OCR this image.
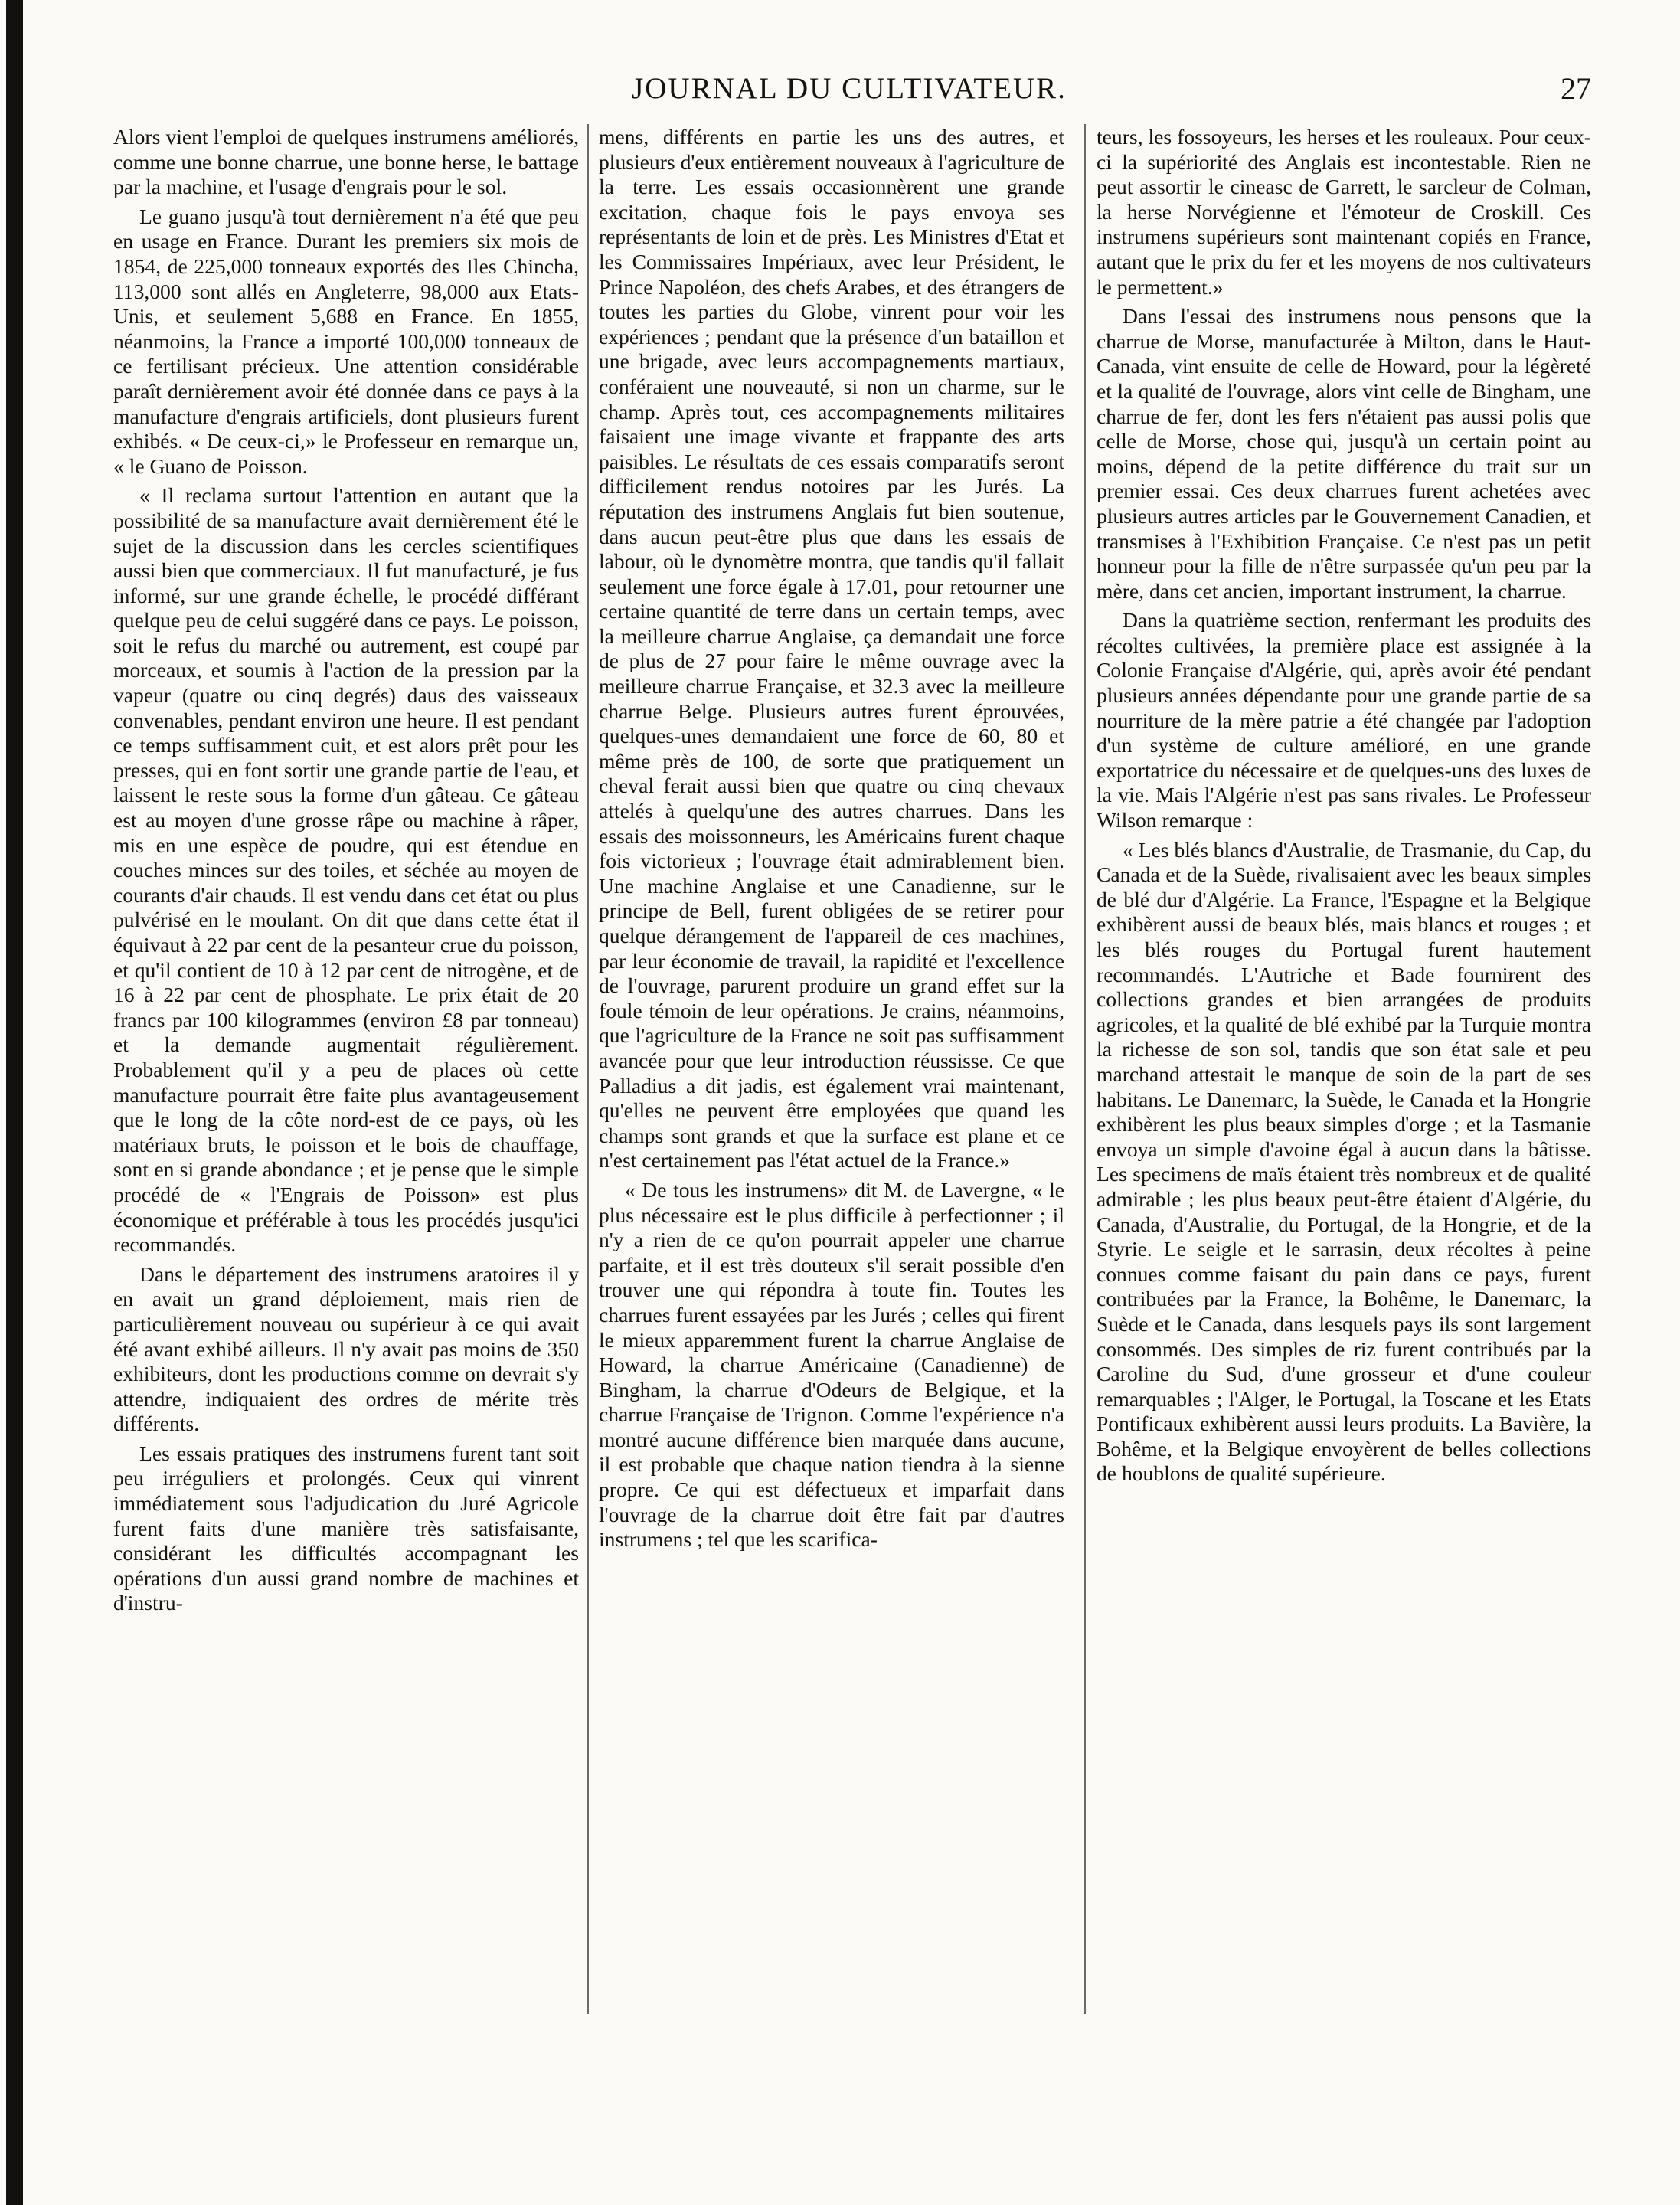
JOURNAL DU CULTIVATEUR.	27

Alors vient l'emploi de quelques instrumens améliorés, comme une bonne charrue, une bonne herse, le battage par la machine, et l'usage d'engrais pour le sol.

Le guano jusqu'à tout dernièrement n'a été que peu en usage en France. Durant les premiers six mois de 1854, de 225,000 tonneaux exportés des Iles Chincha, 113,000 sont allés en Angleterre, 98,000 aux Etats-Unis, et seulement 5,688 en France. En 1855, néanmoins, la France a importé 100,000 tonneaux de ce fertilisant précieux. Une attention considérable paraît dernièrement avoir été donnée dans ce pays à la manufacture d'engrais artificiels, dont plusieurs furent exhibés. « De ceux-ci,» le Professeur en remarque un, « le Guano de Poisson.

« Il reclama surtout l'attention en autant que la possibilité de sa manufacture avait dernièrement été le sujet de la discussion dans les cercles scientifiques aussi bien que commerciaux. Il fut manufacturé, je fus informé, sur une grande échelle, le procédé différant quelque peu de celui suggéré dans ce pays. Le poisson, soit le refus du marché ou autrement, est coupé par morceaux, et soumis à l'action de la pression par la vapeur (quatre ou cinq degrés) daus des vaisseaux convenables, pendant environ une heure. Il est pendant ce temps suffisamment cuit, et est alors prêt pour les presses, qui en font sortir une grande partie de l'eau, et laissent le reste sous la forme d'un gâteau. Ce gâteau est au moyen d'une grosse râpe ou machine à râper, mis en une espèce de poudre, qui est étendue en couches minces sur des toiles, et séchée au moyen de courants d'air chauds. Il est vendu dans cet état ou plus pulvérisé en le moulant. On dit que dans cette état il équivaut à 22 par cent de la pesanteur crue du poisson, et qu'il contient de 10 à 12 par cent de nitrogène, et de 16 à 22 par cent de phosphate. Le prix était de 20 francs par 100 kilogrammes (environ £8 par tonneau) et la demande augmentait régulièrement. Probablement qu'il y a peu de places où cette manufacture pourrait être faite plus avantageusement que le long de la côte nord-est de ce pays, où les matériaux bruts, le poisson et le bois de chauffage, sont en si grande abondance ; et je pense que le simple procédé de « l'Engrais de Poisson» est plus économique et préférable à tous les procédés jusqu'ici recommandés.

Dans le département des instrumens aratoires il y en avait un grand déploiement, mais rien de particulièrement nouveau ou supérieur à ce qui avait été avant exhibé ailleurs. Il n'y avait pas moins de 350 exhibiteurs, dont les productions comme on devrait s'y attendre, indiquaient des ordres de mérite très différents.

Les essais pratiques des instrumens furent tant soit peu irréguliers et prolongés. Ceux qui vinrent immédiatement sous l'adjudication du Juré Agricole furent faits d'une manière très satisfaisante, considérant les difficultés accompagnant les opérations d'un aussi grand nombre de machines et d'instru-

mens, différents en partie les uns des autres, et plusieurs d'eux entièrement nouveaux à l'agriculture de la terre. Les essais occasionnèrent une grande excitation, chaque fois le pays envoya ses représentants de loin et de près. Les Ministres d'Etat et les Commissaires Impériaux, avec leur Président, le Prince Napoléon, des chefs Arabes, et des étrangers de toutes les parties du Globe, vinrent pour voir les expériences ; pendant que la présence d'un bataillon et une brigade, avec leurs accompagnements martiaux, conféraient une nouveauté, si non un charme, sur le champ. Après tout, ces accompagnements militaires faisaient une image vivante et frappante des arts paisibles. Le résultats de ces essais comparatifs seront difficilement rendus notoires par les Jurés. La réputation des instrumens Anglais fut bien soutenue, dans aucun peut-être plus que dans les essais de labour, où le dynomètre montra, que tandis qu'il fallait seulement une force égale à 17.01, pour retourner une certaine quantité de terre dans un certain temps, avec la meilleure charrue Anglaise, ça demandait une force de plus de 27 pour faire le même ouvrage avec la meilleure charrue Française, et 32.3 avec la meilleure charrue Belge. Plusieurs autres furent éprouvées, quelques-unes demandaient une force de 60, 80 et même près de 100, de sorte que pratiquement un cheval ferait aussi bien que quatre ou cinq chevaux attelés à quelqu'une des autres charrues. Dans les essais des moissonneurs, les Américains furent chaque fois victorieux ; l'ouvrage était admirablement bien. Une machine Anglaise et une Canadienne, sur le principe de Bell, furent obligées de se retirer pour quelque dérangement de l'appareil de ces machines, par leur économie de travail, la rapidité et l'excellence de l'ouvrage, parurent produire un grand effet sur la foule témoin de leur opérations. Je crains, néanmoins, que l'agriculture de la France ne soit pas suffisamment avancée pour que leur introduction réussisse. Ce que Palladius a dit jadis, est également vrai maintenant, qu'elles ne peuvent être employées que quand les champs sont grands et que la surface est plane et ce n'est certainement pas l'état actuel de la France.»

« De tous les instrumens» dit M. de Lavergne, « le plus nécessaire est le plus difficile à perfectionner ; il n'y a rien de ce qu'on pourrait appeler une charrue parfaite, et il est très douteux s'il serait possible d'en trouver une qui répondra à toute fin. Toutes les charrues furent essayées par les Jurés ; celles qui firent le mieux apparemment furent la charrue Anglaise de Howard, la charrue Américaine (Canadienne) de Bingham, la charrue d'Odeurs de Belgique, et la charrue Française de Trignon. Comme l'expérience n'a montré aucune différence bien marquée dans aucune, il est probable que chaque nation tiendra à la sienne propre. Ce qui est défectueux et imparfait dans l'ouvrage de la charrue doit être fait par d'autres instrumens ; tel que les scarifica-

teurs, les fossoyeurs, les herses et les rouleaux. Pour ceux-ci la supériorité des Anglais est incontestable. Rien ne peut assortir le cineasc de Garrett, le sarcleur de Colman, la herse Norvégienne et l'émoteur de Croskill. Ces instrumens supérieurs sont maintenant copiés en France, autant que le prix du fer et les moyens de nos cultivateurs le permettent.»

Dans l'essai des instrumens nous pensons que la charrue de Morse, manufacturée à Milton, dans le Haut-Canada, vint ensuite de celle de Howard, pour la légèreté et la qualité de l'ouvrage, alors vint celle de Bingham, une charrue de fer, dont les fers n'étaient pas aussi polis que celle de Morse, chose qui, jusqu'à un certain point au moins, dépend de la petite différence du trait sur un premier essai. Ces deux charrues furent achetées avec plusieurs autres articles par le Gouvernement Canadien, et transmises à l'Exhibition Française. Ce n'est pas un petit honneur pour la fille de n'être surpassée qu'un peu par la mère, dans cet ancien, important instrument, la charrue.

Dans la quatrième section, renfermant les produits des récoltes cultivées, la première place est assignée à la Colonie Française d'Algérie, qui, après avoir été pendant plusieurs années dépendante pour une grande partie de sa nourriture de la mère patrie a été changée par l'adoption d'un système de culture amélioré, en une grande exportatrice du nécessaire et de quelques-uns des luxes de la vie. Mais l'Algérie n'est pas sans rivales. Le Professeur Wilson remarque :

« Les blés blancs d'Australie, de Trasmanie, du Cap, du Canada et de la Suède, rivalisaient avec les beaux simples de blé dur d'Algérie. La France, l'Espagne et la Belgique exhibèrent aussi de beaux blés, mais blancs et rouges ; et les blés rouges du Portugal furent hautement recommandés. L'Autriche et Bade fournirent des collections grandes et bien arrangées de produits agricoles, et la qualité de blé exhibé par la Turquie montra la richesse de son sol, tandis que son état sale et peu marchand attestait le manque de soin de la part de ses habitans. Le Danemarc, la Suède, le Canada et la Hongrie exhibèrent les plus beaux simples d'orge ; et la Tasmanie envoya un simple d'avoine égal à aucun dans la bâtisse. Les specimens de maïs étaient très nombreux et de qualité admirable ; les plus beaux peut-être étaient d'Algérie, du Canada, d'Australie, du Portugal, de la Hongrie, et de la Styrie. Le seigle et le sarrasin, deux récoltes à peine connues comme faisant du pain dans ce pays, furent contribuées par la France, la Bohême, le Danemarc, la Suède et le Canada, dans lesquels pays ils sont largement consommés. Des simples de riz furent contribués par la Caroline du Sud, d'une grosseur et d'une couleur remarquables ; l'Alger, le Portugal, la Toscane et les Etats Pontificaux exhibèrent aussi leurs produits. La Bavière, la Bohême, et la Belgique envoyèrent de belles collections de houblons de qualité supérieure.
